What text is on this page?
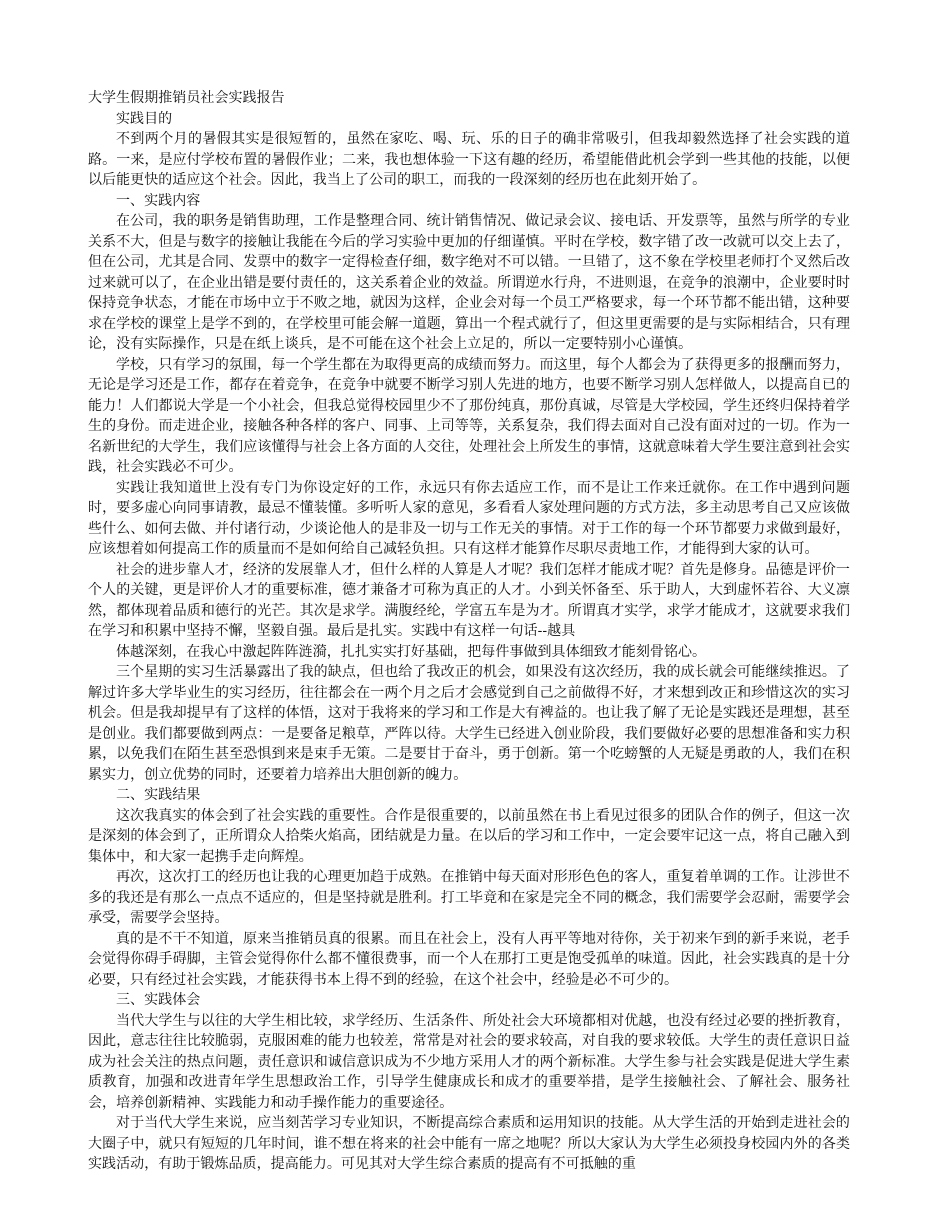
大学生假期推销员社会实践报告

实践目的

不到两个月的暑假其实是很短暂的，虽然在家吃、喝、玩、乐的日子的确非常吸引，但我却毅然选择了社会实践的道路。一来，是应付学校布置的暑假作业；二来，我也想体验一下这有趣的经历，希望能借此机会学到一些其他的技能，以便以后能更快的适应这个社会。因此，我当上了公司的职工，而我的一段深刻的经历也在此刻开始了。

一、实践内容

在公司，我的职务是销售助理，工作是整理合同、统计销售情况、做记录会议、接电话、开发票等，虽然与所学的专业关系不大，但是与数字的接触让我能在今后的学习实验中更加的仔细谨慎。平时在学校，数字错了改一改就可以交上去了，但在公司，尤其是合同、发票中的数字一定得检查仔细，数字绝对不可以错。一旦错了，这不象在学校里老师打个叉然后改过来就可以了，在企业出错是要付责任的，这关系着企业的效益。所谓逆水行舟，不进则退，在竞争的浪潮中，企业要时时保持竞争状态，才能在市场中立于不败之地，就因为这样，企业会对每一个员工严格要求，每一个环节都不能出错，这种要求在学校的课堂上是学不到的，在学校里可能会解一道题，算出一个程式就行了，但这里更需要的是与实际相结合，只有理论，没有实际操作，只是在纸上谈兵，是不可能在这个社会上立足的，所以一定要特别小心谨慎。

学校，只有学习的氛围，每一个学生都在为取得更高的成绩而努力。而这里，每个人都会为了获得更多的报酬而努力，无论是学习还是工作，都存在着竞争，在竞争中就要不断学习别人先进的地方，也要不断学习别人怎样做人，以提高自已的能力！人们都说大学是一个小社会，但我总觉得校园里少不了那份纯真，那份真诚，尽管是大学校园，学生还终归保持着学生的身份。而走进企业，接触各种各样的客户、同事、上司等等，关系复杂，我们得去面对自己没有面对过的一切。作为一名新世纪的大学生，我们应该懂得与社会上各方面的人交往，处理社会上所发生的事情，这就意味着大学生要注意到社会实践，社会实践必不可少。

实践让我知道世上没有专门为你设定好的工作，永远只有你去适应工作，而不是让工作来迁就你。在工作中遇到问题时，要多虚心向同事请教，最忌不懂装懂。多听听人家的意见，多看看人家处理问题的方式方法，多主动思考自己又应该做些什么、如何去做、并付诸行动，少谈论他人的是非及一切与工作无关的事情。对于工作的每一个环节都要力求做到最好，应该想着如何提高工作的质量而不是如何给自己减轻负担。只有这样才能算作尽职尽责地工作，才能得到大家的认可。

社会的进步靠人才，经济的发展靠人才，但什么样的人算是人才呢？我们怎样才能成才呢？首先是修身。品德是评价一个人的关键，更是评价人才的重要标准，德才兼备才可称为真正的人才。小到关怀备至、乐于助人，大到虚怀若谷、大义凛然，都体现着品质和德行的光芒。其次是求学。满腹经纶，学富五车是为才。所谓真才实学，求学才能成才，这就要求我们在学习和积累中坚持不懈，坚毅自强。最后是扎实。实践中有这样一句话--越具

体越深刻，在我心中激起阵阵涟漪，扎扎实实打好基础，把每件事做到具体细致才能刻骨铭心。

三个星期的实习生活暴露出了我的缺点，但也给了我改正的机会，如果没有这次经历，我的成长就会可能继续推迟。了解过许多大学毕业生的实习经历，往往都会在一两个月之后才会感觉到自己之前做得不好，才来想到改正和珍惜这次的实习机会。但是我却提早有了这样的体悟，这对于我将来的学习和工作是大有裨益的。也让我了解了无论是实践还是理想，甚至是创业。我们都要做到两点：一是要备足粮草，严阵以待。大学生已经进入创业阶段，我们要做好必要的思想准备和实力积累，以免我们在陌生甚至恐惧到来是束手无策。二是要甘于奋斗，勇于创新。第一个吃螃蟹的人无疑是勇敢的人，我们在积累实力，创立优势的同时，还要着力培养出大胆创新的魄力。

二、实践结果

这次我真实的体会到了社会实践的重要性。合作是很重要的，以前虽然在书上看见过很多的团队合作的例子，但这一次是深刻的体会到了，正所谓众人拾柴火焰高，团结就是力量。在以后的学习和工作中，一定会要牢记这一点，将自己融入到集体中，和大家一起携手走向辉煌。

再次，这次打工的经历也让我的心理更加趋于成熟。在推销中每天面对形形色色的客人，重复着单调的工作。让涉世不多的我还是有那么一点点不适应的，但是坚持就是胜利。打工毕竟和在家是完全不同的概念，我们需要学会忍耐，需要学会承受，需要学会坚持。

真的是不干不知道，原来当推销员真的很累。而且在社会上，没有人再平等地对待你，关于初来乍到的新手来说，老手会觉得你碍手碍脚，主管会觉得你什么都不懂很费事，而一个人在那打工更是饱受孤单的味道。因此，社会实践真的是十分必要，只有经过社会实践，才能获得书本上得不到的经验，在这个社会中，经验是必不可少的。

三、实践体会

当代大学生与以往的大学生相比较，求学经历、生活条件、所处社会大环境都相对优越，也没有经过必要的挫折教育，因此，意志往往比较脆弱，克服困难的能力也较差，常常是对社会的要求较高，对自我的要求较低。大学生的责任意识日益成为社会关注的热点问题，责任意识和诚信意识成为不少地方采用人才的两个新标准。大学生参与社会实践是促进大学生素质教育，加强和改进青年学生思想政治工作，引导学生健康成长和成才的重要举措，是学生接触社会、了解社会、服务社会，培养创新精神、实践能力和动手操作能力的重要途径。

对于当代大学生来说，应当刻苦学习专业知识，不断提高综合素质和运用知识的技能。从大学生活的开始到走进社会的大圈子中，就只有短短的几年时间，谁不想在将来的社会中能有一席之地呢？所以大家认为大学生必须投身校园内外的各类实践活动，有助于锻炼品质，提高能力。可见其对大学生综合素质的提高有不可抵触的重
